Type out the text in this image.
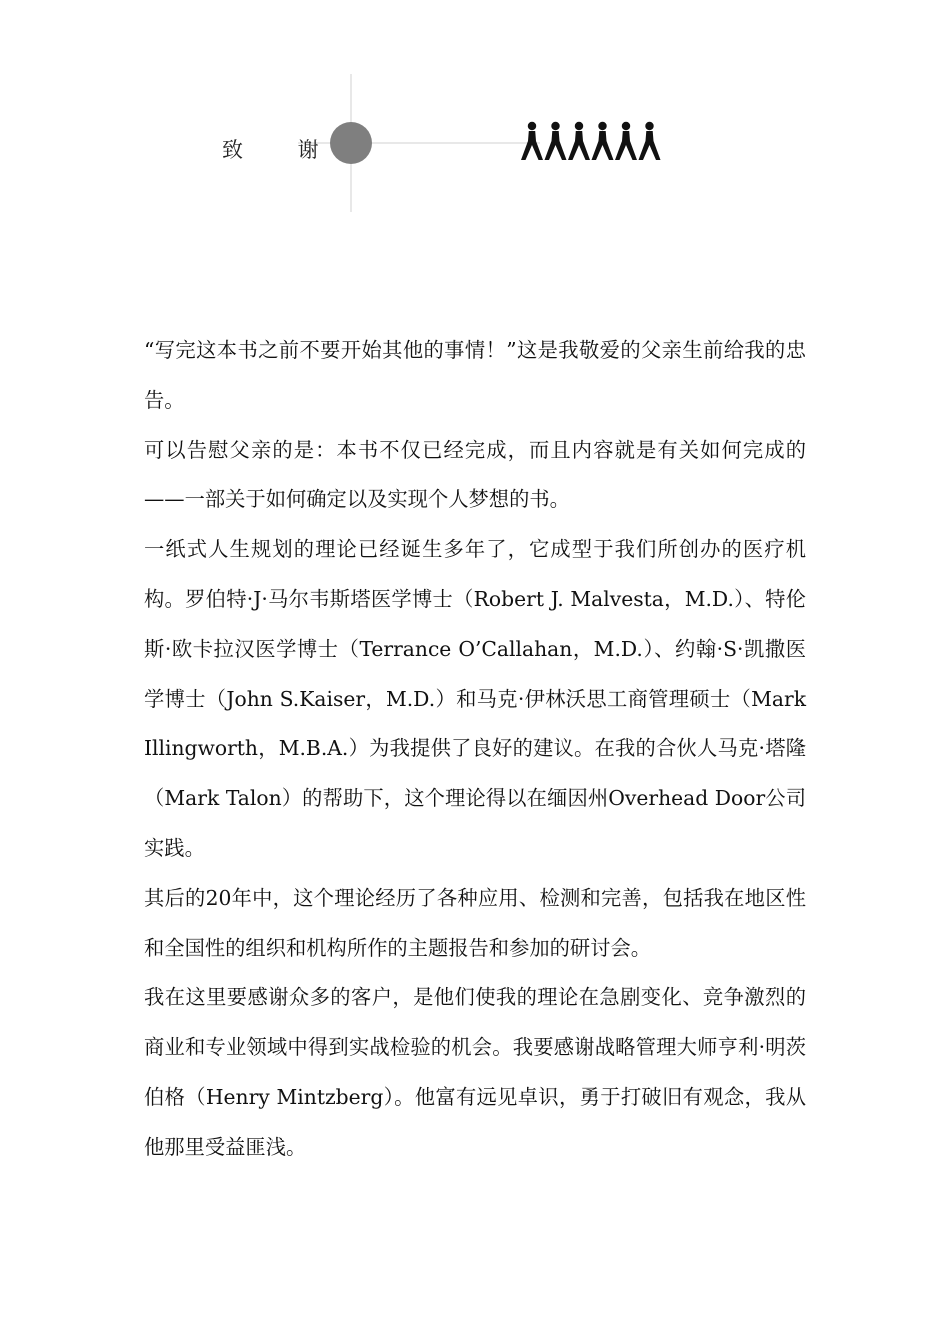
致 谢

“写完这本书之前不要开始其他的事情！”这是我敬爱的父亲生前给我的忠告。

可以告慰父亲的是：本书不仅已经完成，而且内容就是有关如何完成的——一部关于如何确定以及实现个人梦想的书。

一纸式人生规划的理论已经诞生多年了，它成型于我们所创办的医疗机构。罗伯特·J·马尔韦斯塔医学博士（Robert J. Malvesta，M.D.）、特伦斯·欧卡拉汉医学博士（Terrance O’Callahan，M.D.）、约翰·S·凯撒医学博士（John S.Kaiser，M.D.）和马克·伊林沃思工商管理硕士（Mark Illingworth，M.B.A.）为我提供了良好的建议。在我的合伙人马克·塔隆（Mark Talon）的帮助下，这个理论得以在缅因州Overhead Door公司实践。

其后的20年中，这个理论经历了各种应用、检测和完善，包括我在地区性和全国性的组织和机构所作的主题报告和参加的研讨会。

我在这里要感谢众多的客户，是他们使我的理论在急剧变化、竞争激烈的商业和专业领域中得到实战检验的机会。我要感谢战略管理大师亨利·明茨伯格（Henry Mintzberg）。他富有远见卓识，勇于打破旧有观念，我从他那里受益匪浅。
